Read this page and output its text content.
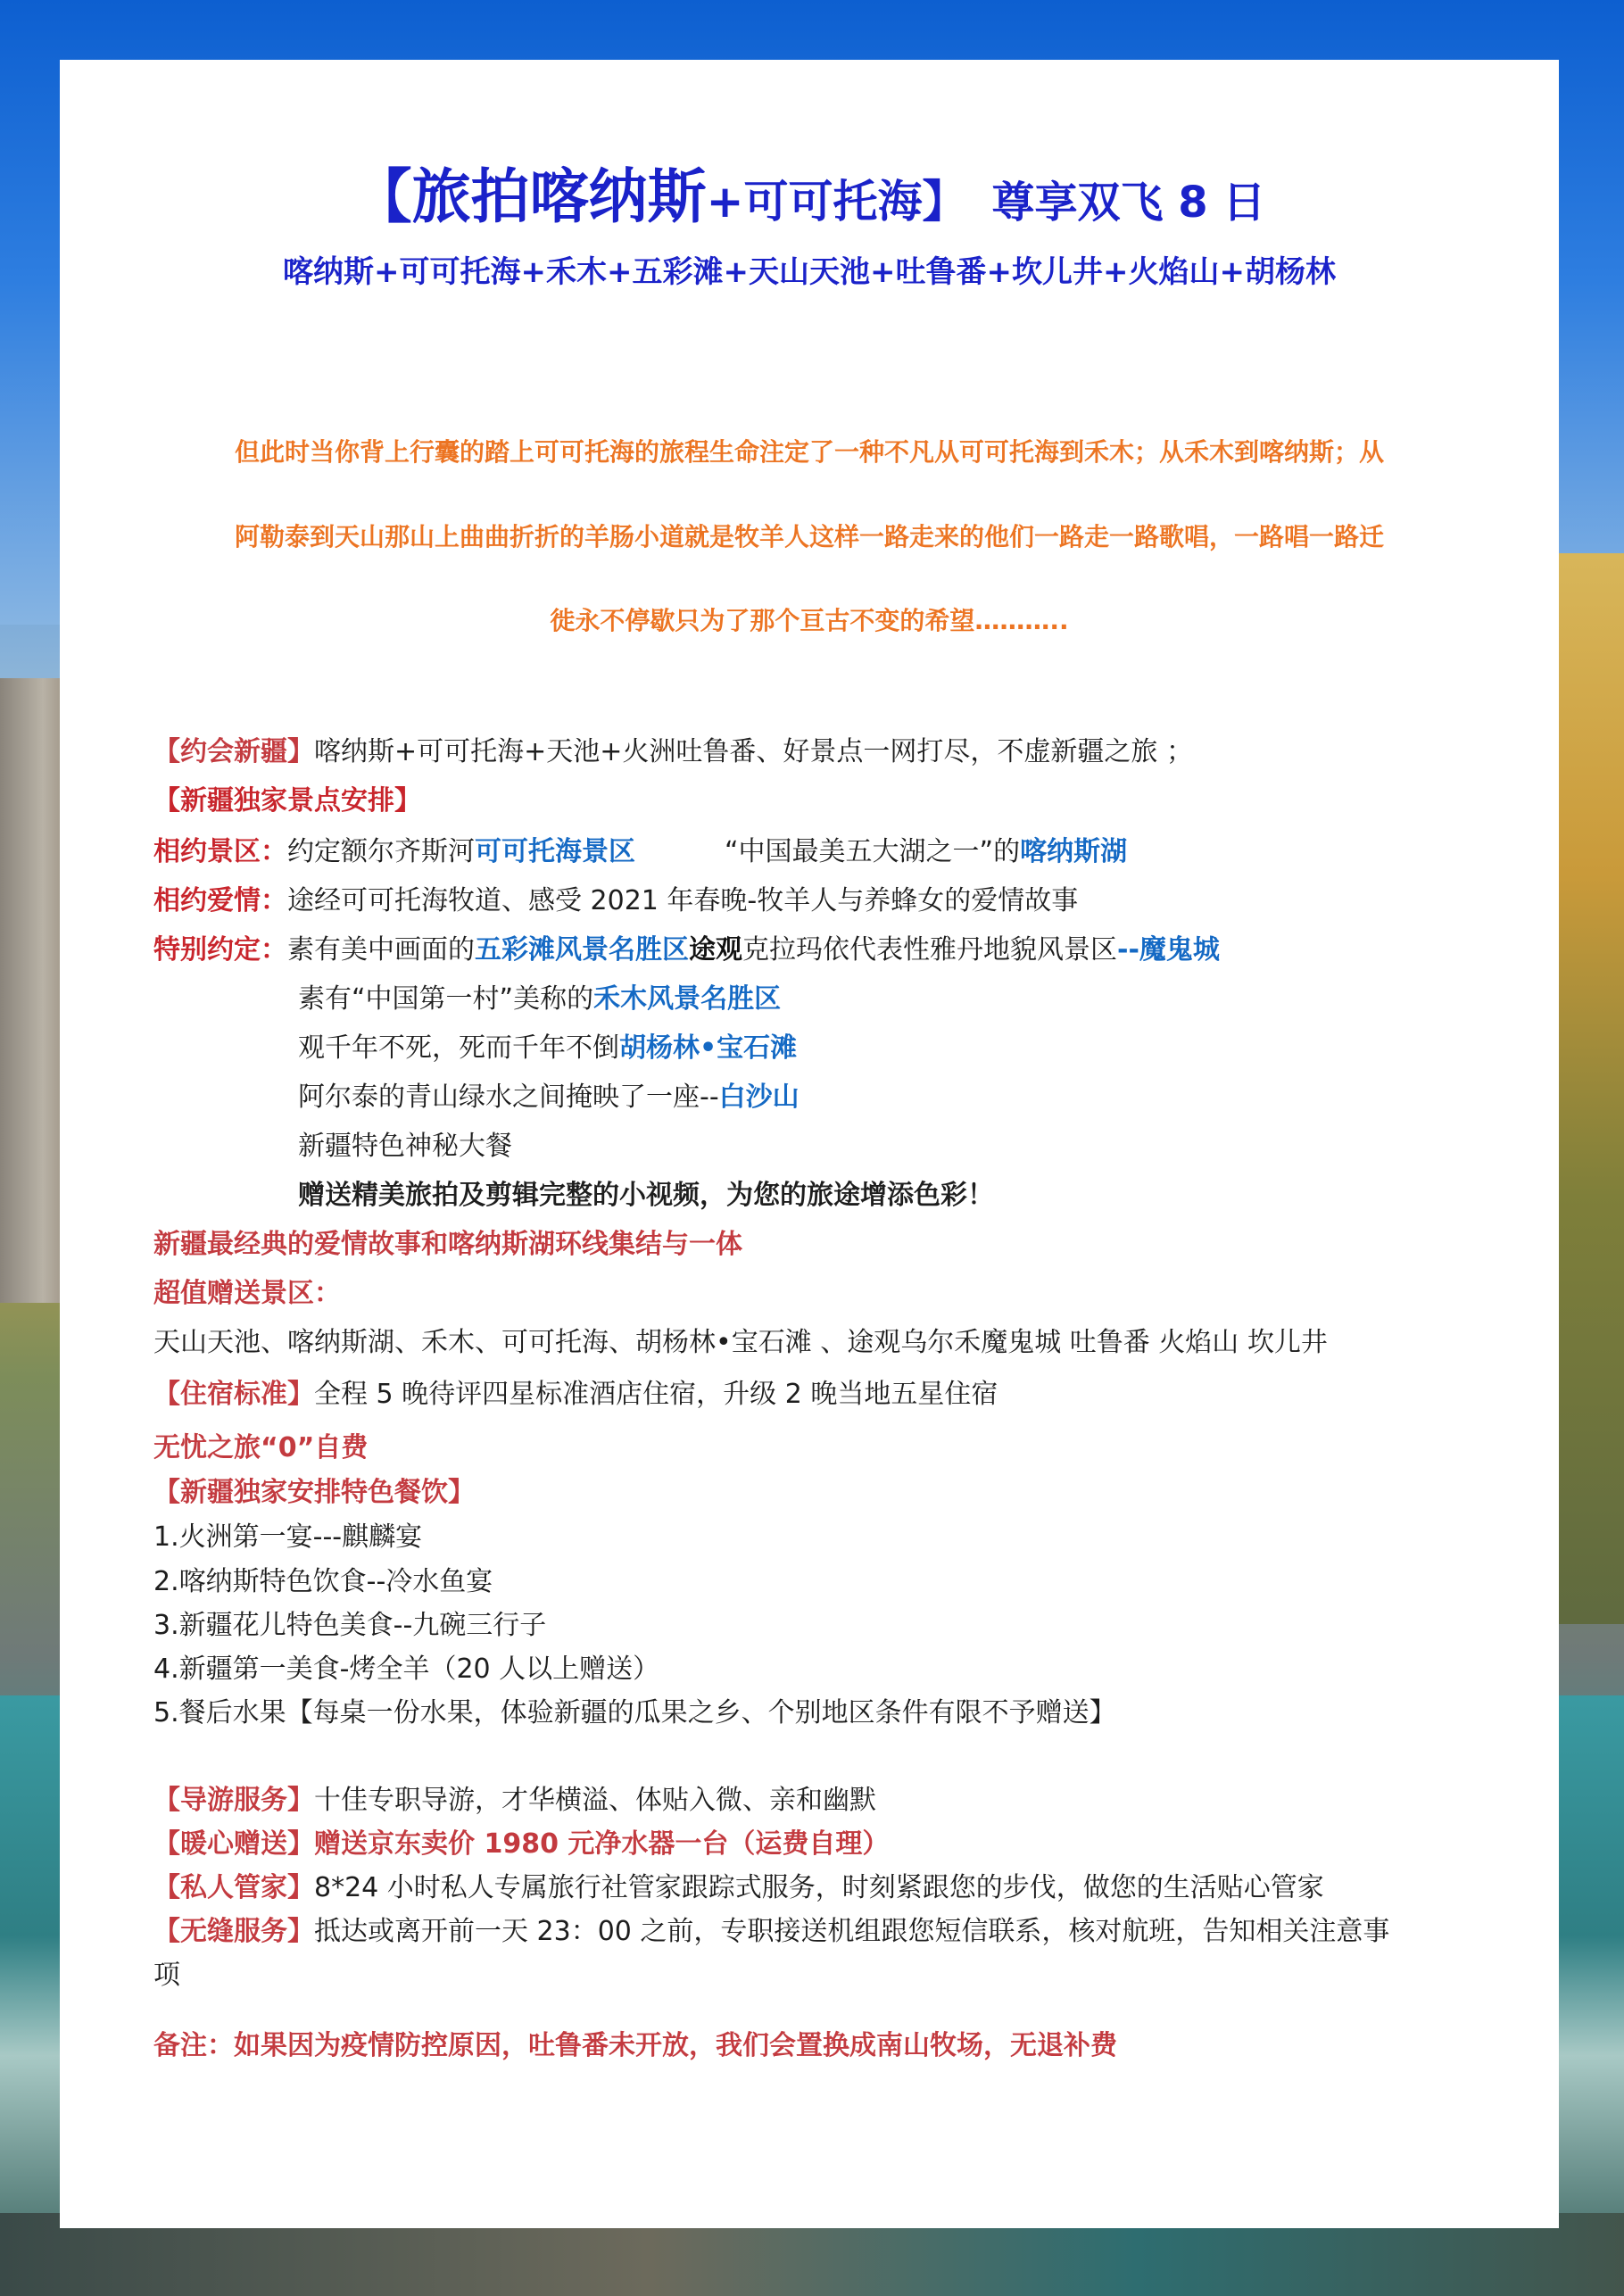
【旅拍喀纳斯+可可托海】 尊享双飞 8 日
喀纳斯+可可托海+禾木+五彩滩+天山天池+吐鲁番+坎儿井+火焰山+胡杨林
但此时当你背上行囊的踏上可可托海的旅程生命注定了一种不凡从可可托海到禾木；从禾木到喀纳斯；从
阿勒泰到天山那山上曲曲折折的羊肠小道就是牧羊人这样一路走来的他们一路走一路歌唱，一路唱一路迁
徙永不停歇只为了那个亘古不变的希望………..
【约会新疆】喀纳斯+可可托海+天池+火洲吐鲁番、好景点一网打尽，不虚新疆之旅 ；
【新疆独家景点安排】
相约景区：约定额尔齐斯河可可托海景区	“中国最美五大湖之一”的喀纳斯湖
相约爱情：途经可可托海牧道、感受 2021 年春晚-牧羊人与养蜂女的爱情故事
特别约定：素有美中画面的五彩滩风景名胜区途观克拉玛依代表性雅丹地貌风景区--魔鬼城
素有“中国第一村”美称的禾木风景名胜区
观千年不死，死而千年不倒胡杨林•宝石滩
阿尔泰的青山绿水之间掩映了一座--白沙山
新疆特色神秘大餐
赠送精美旅拍及剪辑完整的小视频，为您的旅途增添色彩！
新疆最经典的爱情故事和喀纳斯湖环线集结与一体
超值赠送景区：
天山天池、喀纳斯湖、禾木、可可托海、胡杨林•宝石滩 、途观乌尔禾魔鬼城 吐鲁番 火焰山 坎儿井
【住宿标准】全程 5 晚待评四星标准酒店住宿，升级 2 晚当地五星住宿
无忧之旅“0”自费
【新疆独家安排特色餐饮】
1.火洲第一宴---麒麟宴
2.喀纳斯特色饮食--冷水鱼宴
3.新疆花儿特色美食--九碗三行子
4.新疆第一美食-烤全羊（20 人以上赠送）
5.餐后水果【每桌一份水果，体验新疆的瓜果之乡、个别地区条件有限不予赠送】
【导游服务】十佳专职导游，才华横溢、体贴入微、亲和幽默
【暖心赠送】赠送京东卖价 1980 元净水器一台（运费自理）
【私人管家】8*24 小时私人专属旅行社管家跟踪式服务，时刻紧跟您的步伐，做您的生活贴心管家
【无缝服务】抵达或离开前一天 23：00 之前，专职接送机组跟您短信联系，核对航班，告知相关注意事
项
备注：如果因为疫情防控原因，吐鲁番未开放，我们会置换成南山牧场，无退补费
